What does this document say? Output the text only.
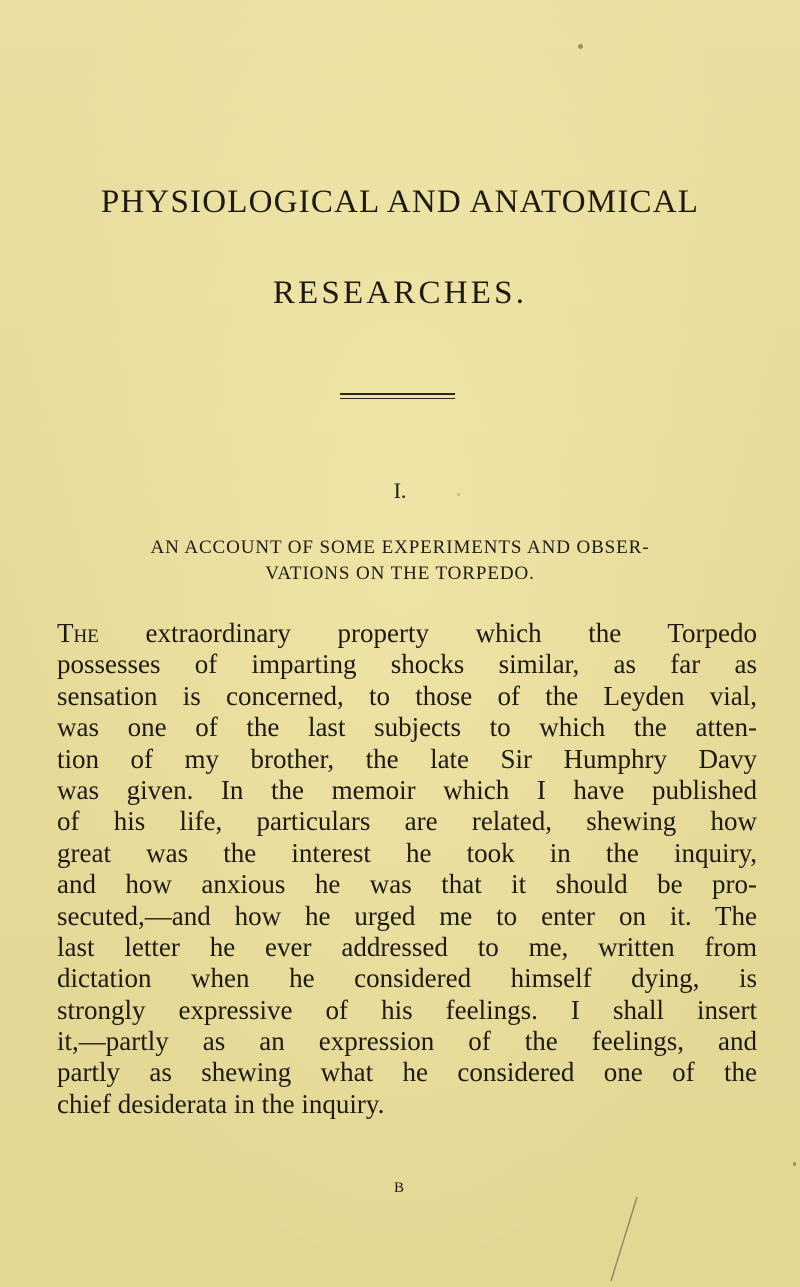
PHYSIOLOGICAL AND ANATOMICAL
RESEARCHES.
I.
AN ACCOUNT OF SOME EXPERIMENTS AND OBSER-
VATIONS ON THE TORPEDO.
The extraordinary property which the Torpedo
possesses of imparting shocks similar, as far as
sensation is concerned, to those of the Leyden vial,
was one of the last subjects to which the atten-
tion of my brother, the late Sir Humphry Davy
was given. In the memoir which I have published
of his life, particulars are related, shewing how
great was the interest he took in the inquiry,
and how anxious he was that it should be pro-
secuted,—and how he urged me to enter on it. The
last letter he ever addressed to me, written from
dictation when he considered himself dying, is
strongly expressive of his feelings. I shall insert
it,—partly as an expression of the feelings, and
partly as shewing what he considered one of the
chief desiderata in the inquiry.
B
